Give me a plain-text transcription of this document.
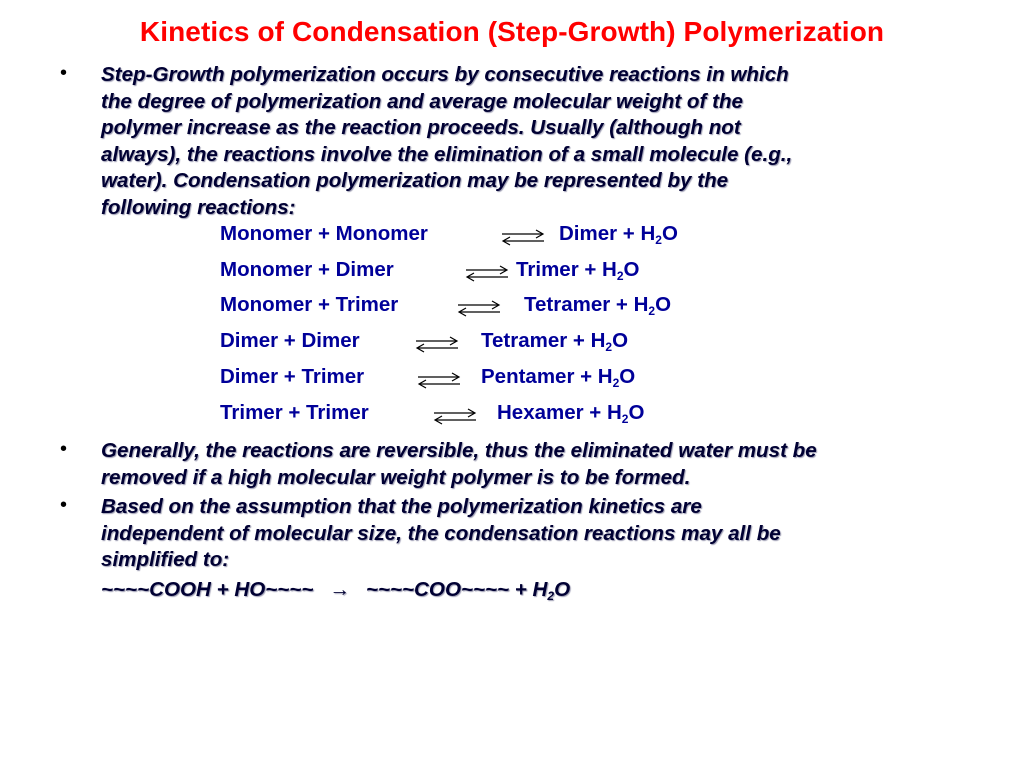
Kinetics of Condensation (Step-Growth) Polymerization
• Step-Growth polymerization occurs by consecutive reactions in which
the degree of polymerization and average molecular weight of the
polymer increase as the reaction proceeds. Usually (although not
always), the reactions involve the elimination of a small molecule (e.g.,
water). Condensation polymerization may be represented by the
following reactions:
Monomer + Monomer	⇌ Dimer + $H_2O$
Monomer + Dimer	⇌ Trimer + $H_2O$
Monomer + Trimer	⇌ Tetramer + $H_2O$
Dimer + Dimer	⇌ Tetramer + $H_2O$
Dimer + Trimer	⇌ Pentamer + $H_2O$
Trimer + Trimer	⇌ Hexamer + $H_2O$
• Generally, the reactions are reversible, thus the eliminated water must be
removed if a high molecular weight polymer is to be formed.
• Based on the assumption that the polymerization kinetics are
independent of molecular size, the condensation reactions may all be
simplified to:
~~~~COOH + HO~~~~ → ~~~~COO~~~~ + $H_2O$
